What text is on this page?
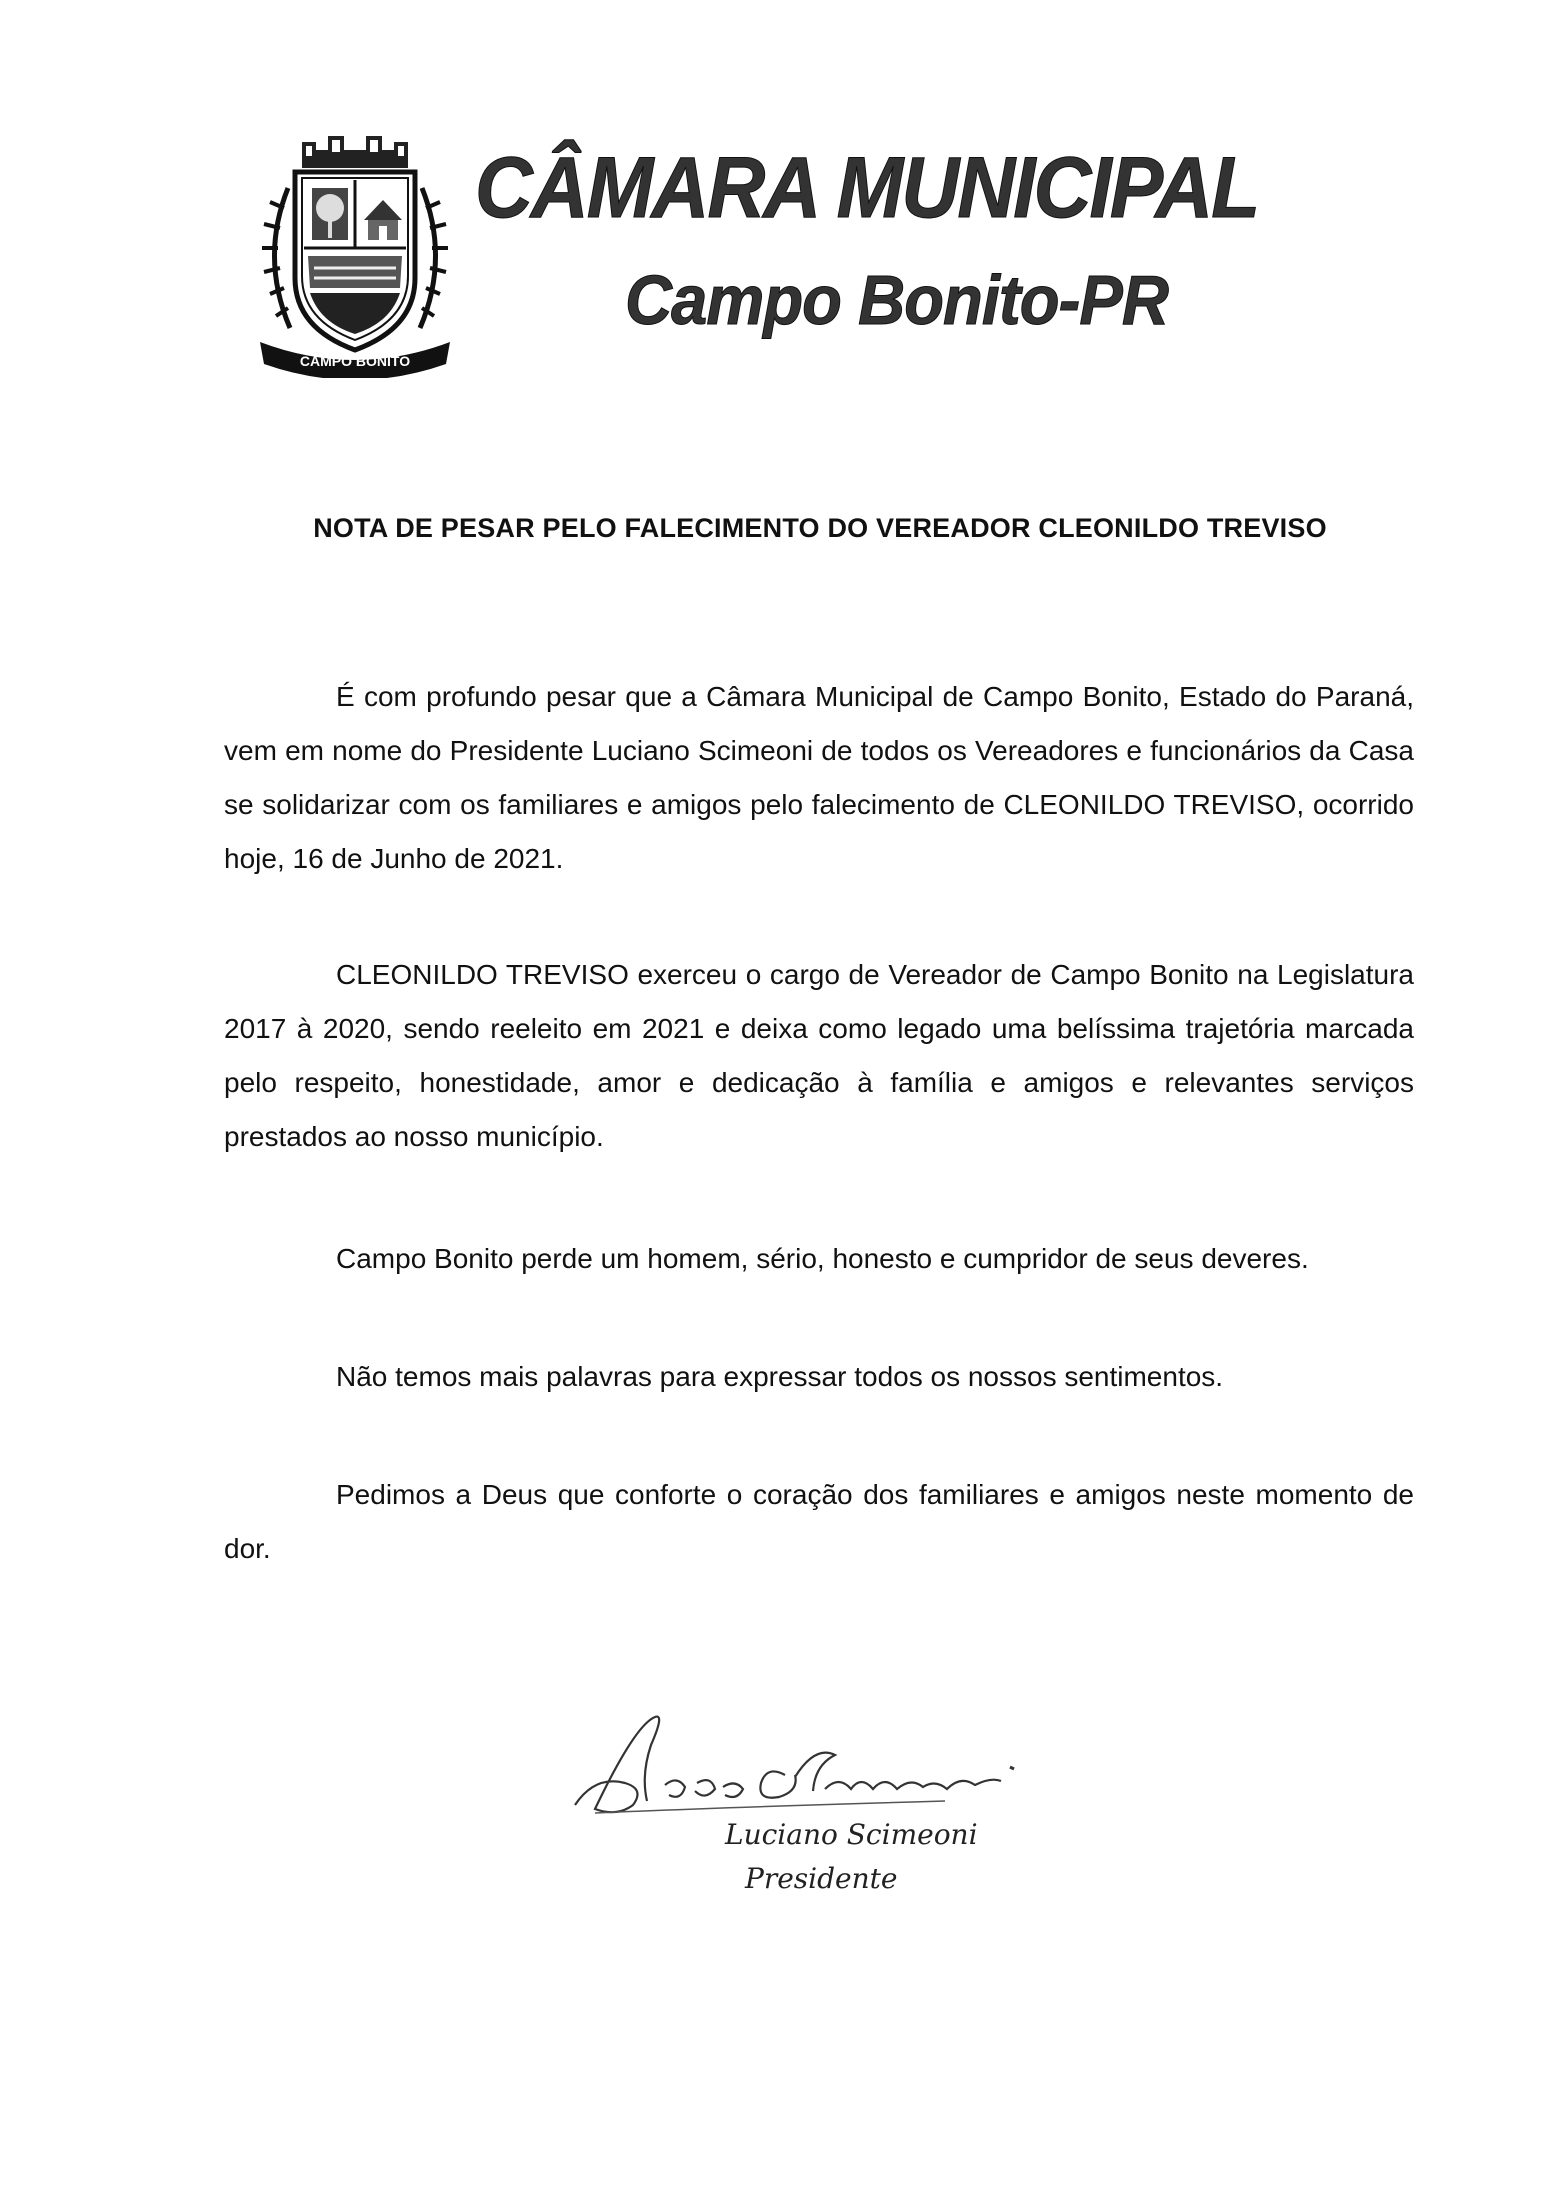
CAMPO BONITO
CÂMARA MUNICIPAL
Campo Bonito-PR
NOTA DE PESAR PELO FALECIMENTO DO VEREADOR CLEONILDO TREVISO

É com profundo pesar que a Câmara Municipal de Campo Bonito, Estado do Paraná, vem em nome do Presidente Luciano Scimeoni de todos os Vereadores e funcionários da Casa se solidarizar com os familiares e amigos pelo falecimento de CLEONILDO TREVISO, ocorrido hoje, 16 de Junho de 2021.

CLEONILDO TREVISO exerceu o cargo de Vereador de Campo Bonito na Legislatura 2017 à 2020, sendo reeleito em 2021 e deixa como legado uma belíssima trajetória marcada pelo respeito, honestidade, amor e dedicação à família e amigos e relevantes serviços prestados ao nosso município.

Campo Bonito perde um homem, sério, honesto e cumpridor de seus deveres.

Não temos mais palavras para expressar todos os nossos sentimentos.

Pedimos a Deus que conforte o coração dos familiares e amigos neste momento de dor.

Luciano Scimeoni
Presidente
